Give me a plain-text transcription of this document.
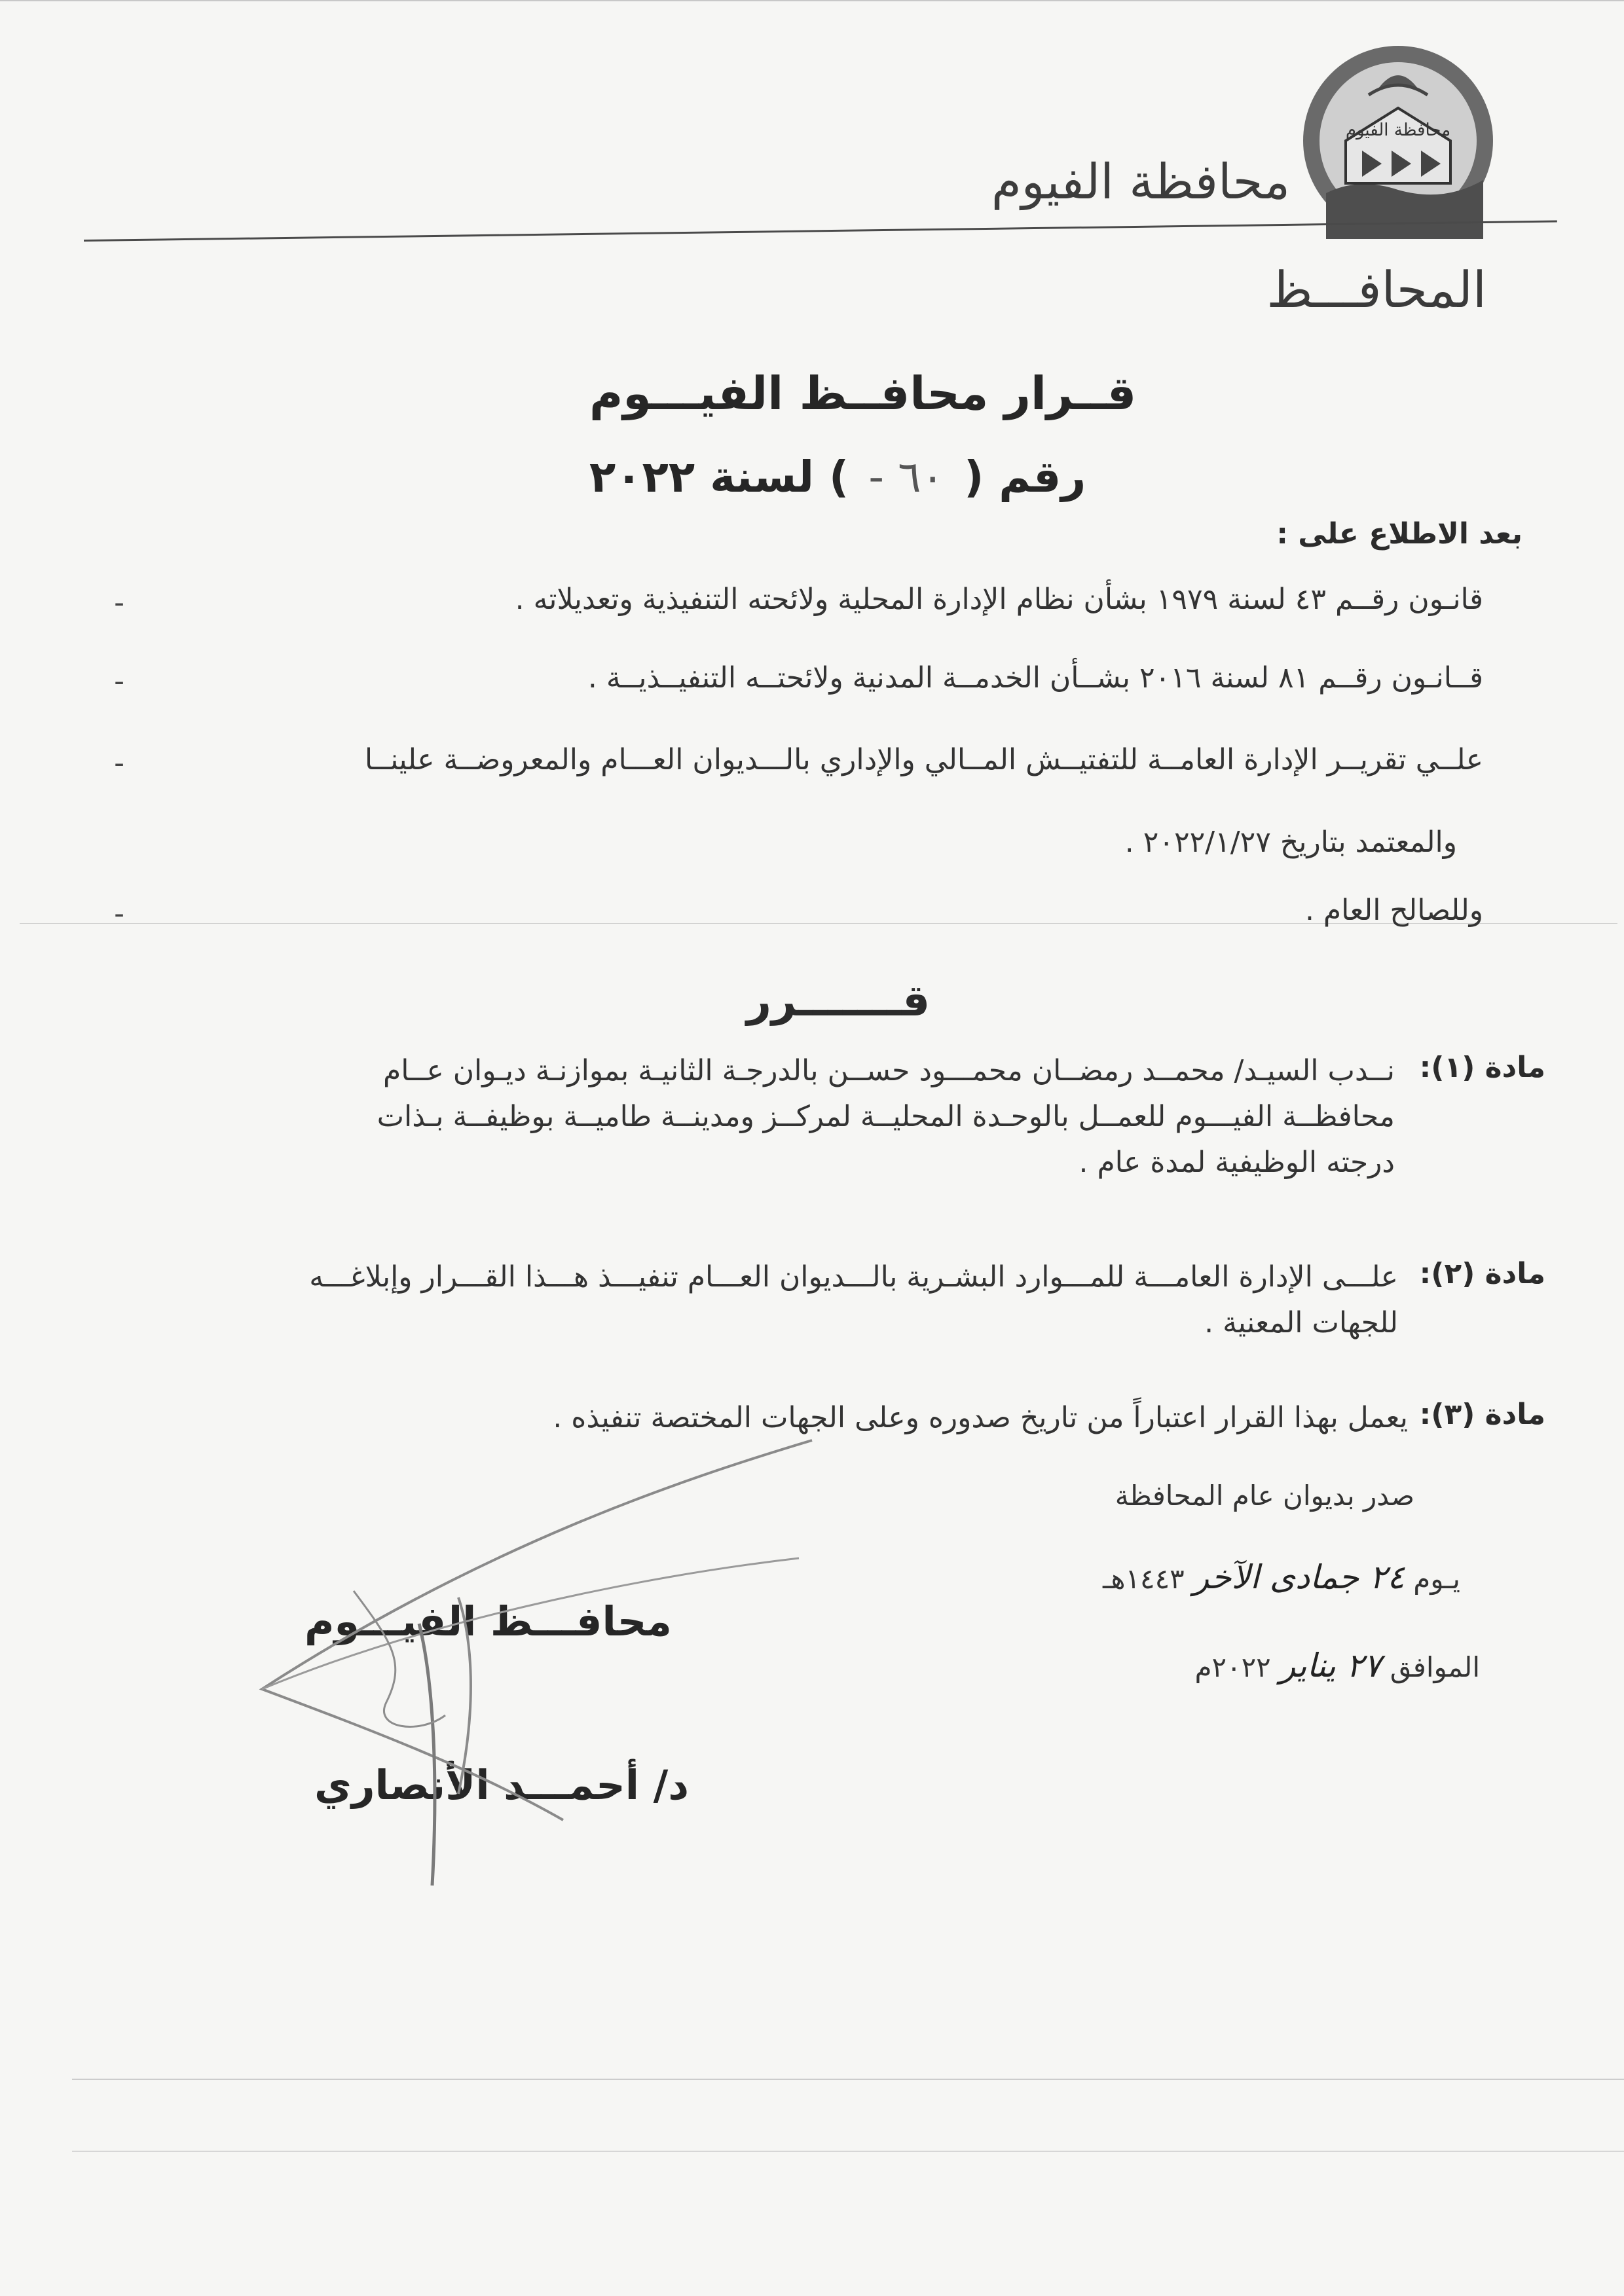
محافظة الفيوم
محافظة الفيوم
المحافـــظ
قــرار محافــظ الفيـــوم
رقم ( ٦٠ - ) لسنة ٢٠٢٢
بعد الاطلاع على :
-	قانـون رقــم ٤٣ لسنة ١٩٧٩ بشأن نظام الإدارة المحلية ولائحته التنفيذية وتعديلاته .
-	قــانـون رقــم ٨١ لسنة ٢٠١٦ بشــأن الخدمــة المدنية ولائحتــه التنفيــذيــة .
-	علــي تقريــر الإدارة العامــة للتفتيــش المــالي والإداري بالـــديوان العـــام والمعروضــة علينــا
والمعتمد بتاريخ ٢٠٢٢/١/٢٧ .
-	وللصالح العام .
قـــــــرر
مادة (١):
نــدب السيـد/ محمــد رمضــان محمـــود حســن بالدرجـة الثانيـة بموازنـة ديـوان عــام
محافظــة الفيـــوم للعمــل بالوحـدة المحليــة لمركــز ومدينــة طاميــة بوظيفــة بـذات
درجته الوظيفية لمدة عام .
مادة (٢):
علـــى الإدارة العامـــة للمـــوارد البشـرية بالـــديوان العـــام تنفيـــذ هـــذا القـــرار وإبلاغـــه
للجهات المعنية .
مادة (٣):
يعمل بهذا القرار اعتباراً من تاريخ صدوره وعلى الجهات المختصة تنفيذه .
صدر بديوان عام المحافظة
يـوم ٢٤ جمادى الآخر ١٤٤٣هـ
الموافق ٢٧ يناير ٢٠٢٢م
محافـــظ الفيـــوم
د/ أحمـــد الأنصاري
